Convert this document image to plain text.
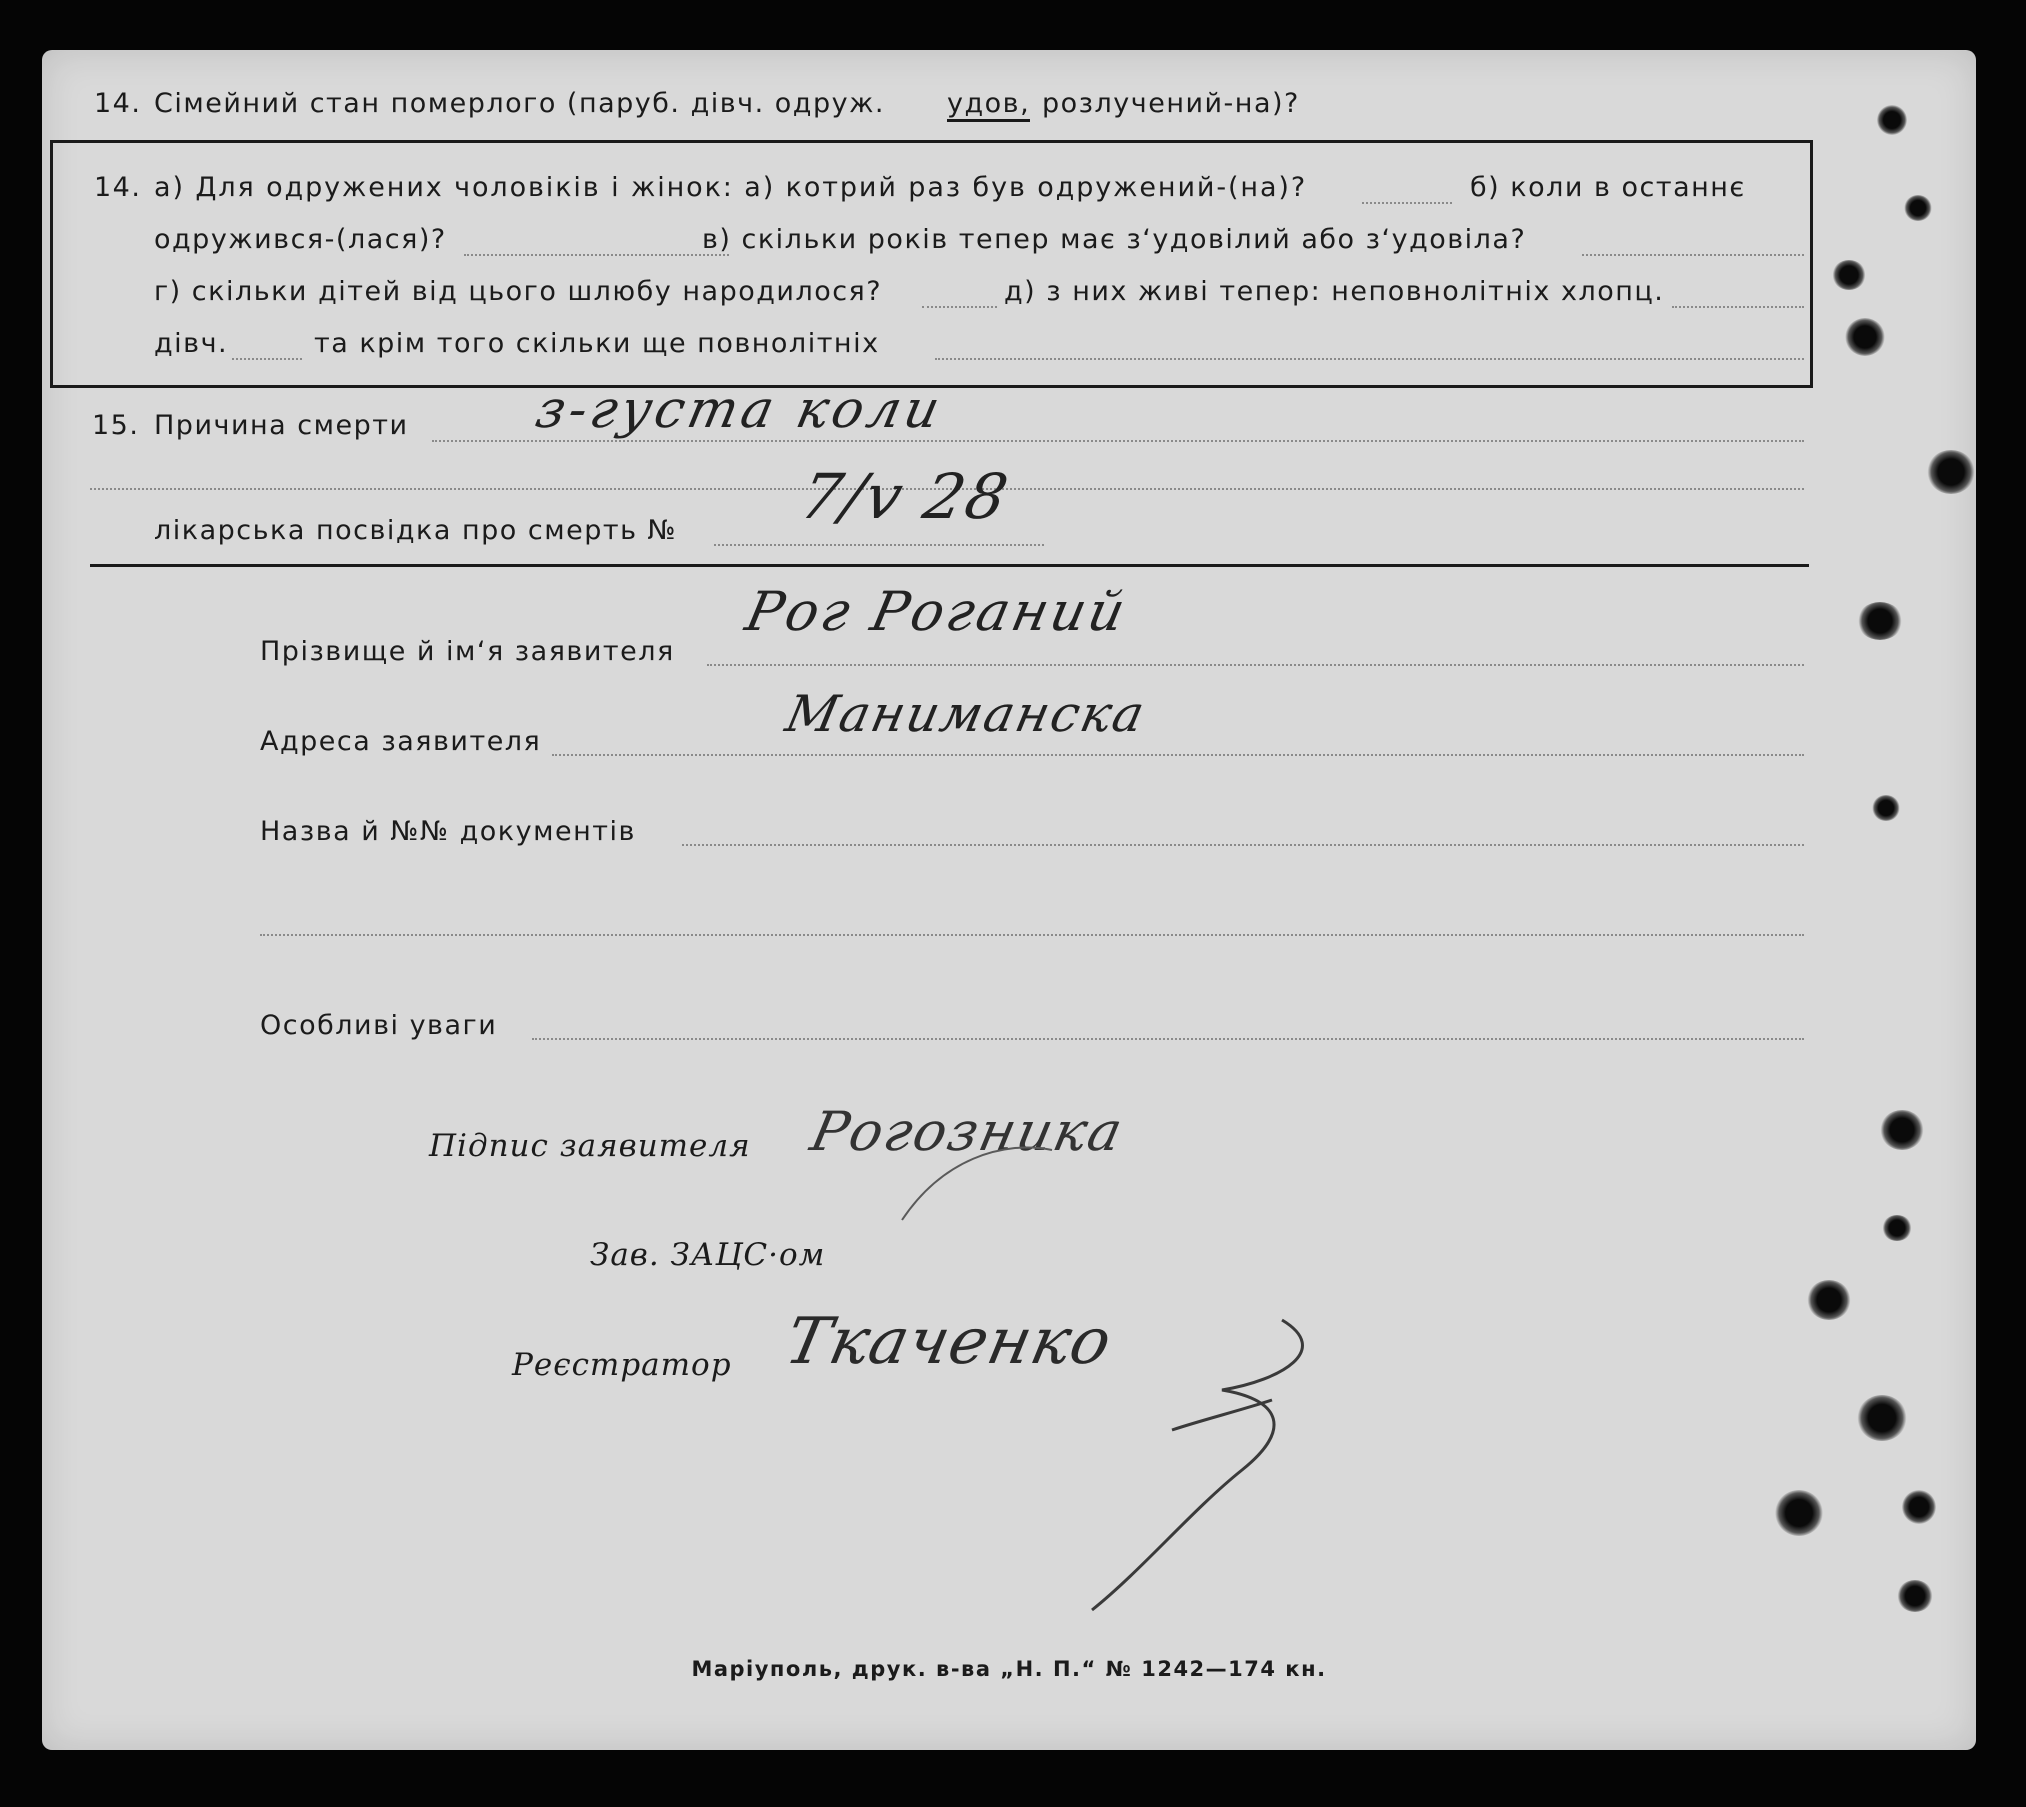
14. Сімейний стан померлого (паруб. дівч. одруж. удов, розлучений-на)?
14. а) Для одружених чоловіків і жінок: а) котрий раз був одружений-(на)?	б) коли в останнє
одружився-(лася)?	в) скільки років тепер має з‘удовілий або з‘удовіла?
г) скільки дітей від цього шлюбу народилося?	д) з них живі тепер: неповнолітніх хлопц.
дівч.	та крім того скільки ще повнолітніх
15. Причина смерти з-густа коли
лікарська посвідка про смерть № 7/v 28
Прізвище й ім‘я заявителя
Рог Роганий
Адреса заявителя	Маниманска
Назва й №№ документів
Особливі уваги
Підпис заявителя Рогозника
Зав. ЗАЦС·ом
Реєстратор Ткаченко
Маріуполь, друк. в-ва „Н. П.“ № 1242—174 кн.
